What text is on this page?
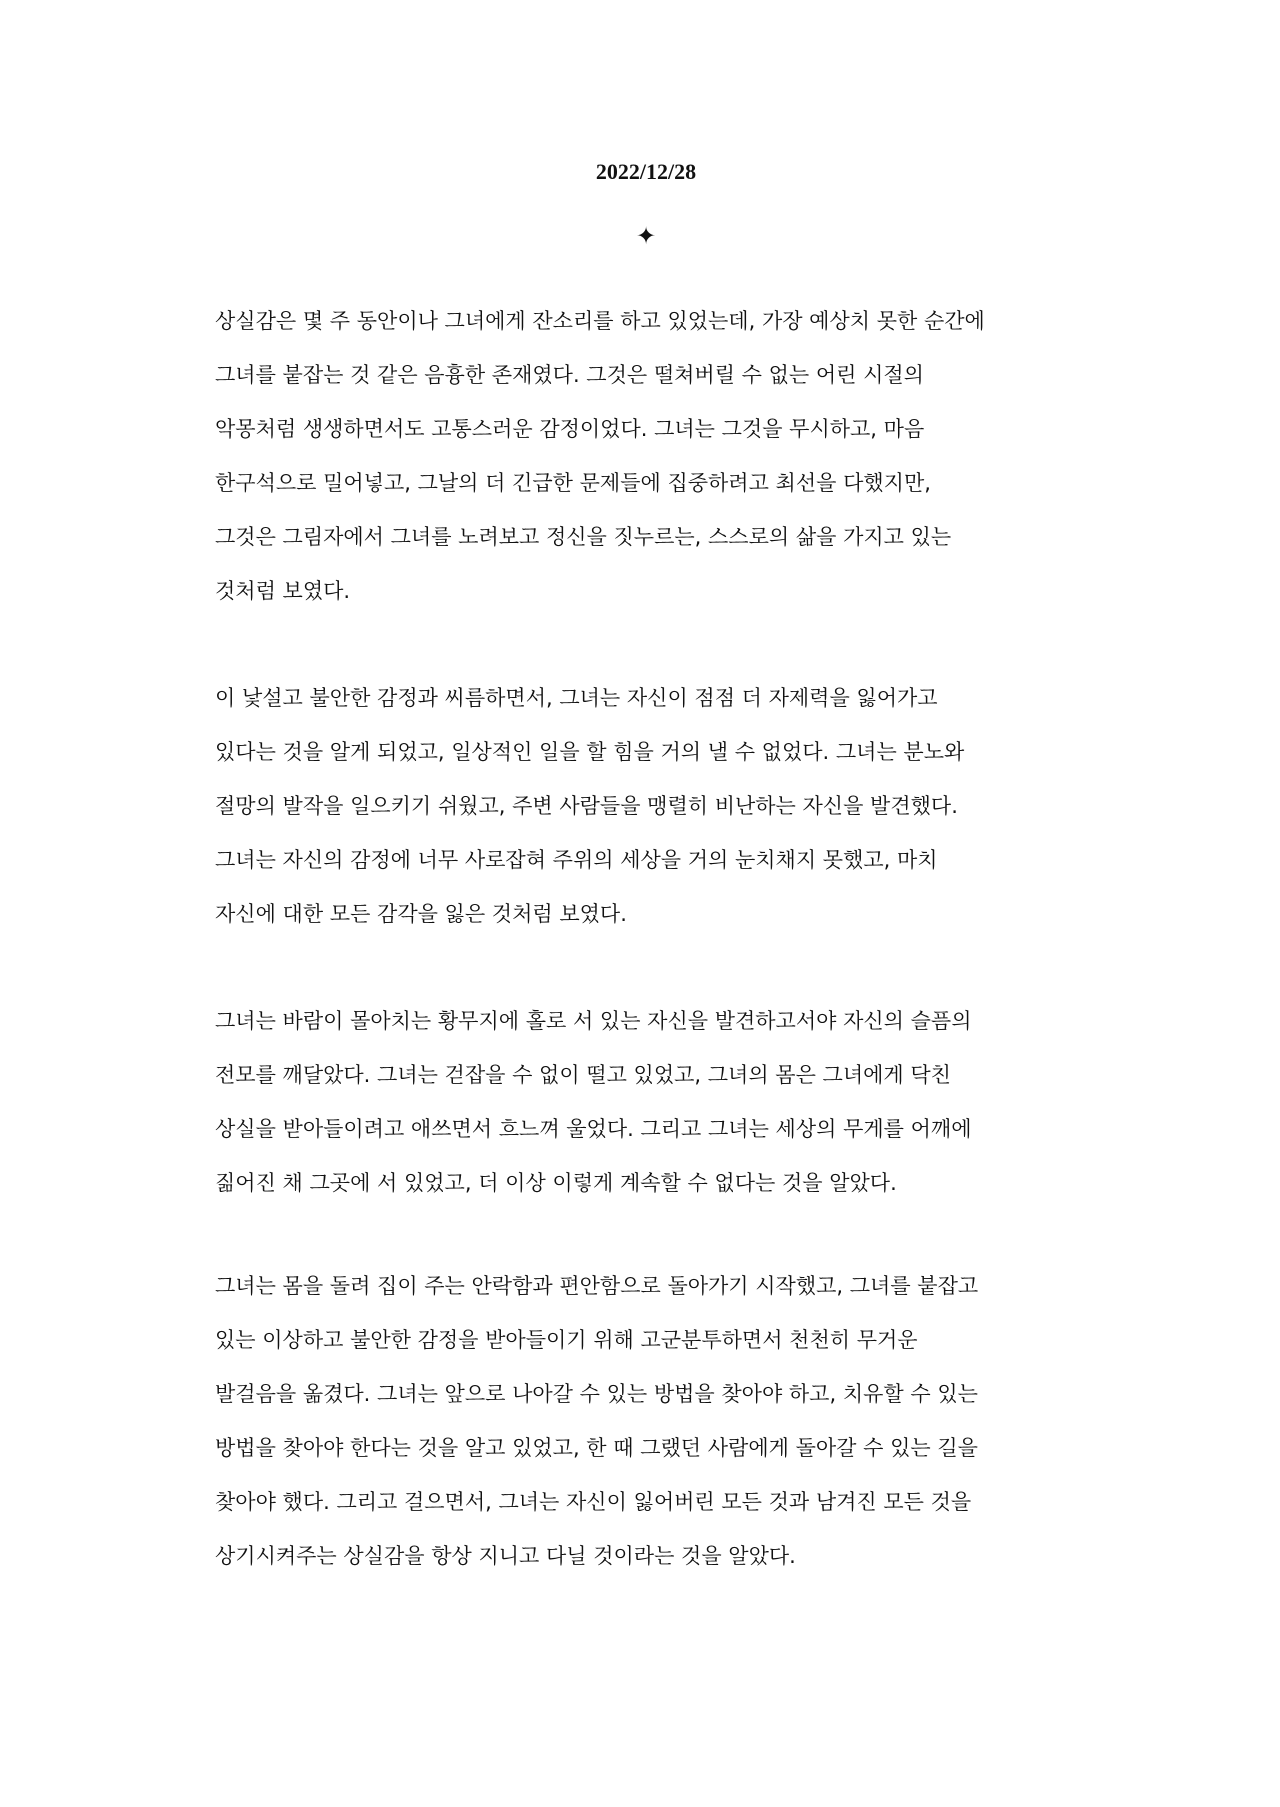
2022/12/28
✦

상실감은 몇 주 동안이나 그녀에게 잔소리를 하고 있었는데, 가장 예상치 못한 순간에
그녀를 붙잡는 것 같은 음흉한 존재였다. 그것은 떨쳐버릴 수 없는 어린 시절의
악몽처럼 생생하면서도 고통스러운 감정이었다. 그녀는 그것을 무시하고, 마음
한구석으로 밀어넣고, 그날의 더 긴급한 문제들에 집중하려고 최선을 다했지만,
그것은 그림자에서 그녀를 노려보고 정신을 짓누르는, 스스로의 삶을 가지고 있는
것처럼 보였다.

이 낯설고 불안한 감정과 씨름하면서, 그녀는 자신이 점점 더 자제력을 잃어가고
있다는 것을 알게 되었고, 일상적인 일을 할 힘을 거의 낼 수 없었다. 그녀는 분노와
절망의 발작을 일으키기 쉬웠고, 주변 사람들을 맹렬히 비난하는 자신을 발견했다.
그녀는 자신의 감정에 너무 사로잡혀 주위의 세상을 거의 눈치채지 못했고, 마치
자신에 대한 모든 감각을 잃은 것처럼 보였다.

그녀는 바람이 몰아치는 황무지에 홀로 서 있는 자신을 발견하고서야 자신의 슬픔의
전모를 깨달았다. 그녀는 걷잡을 수 없이 떨고 있었고, 그녀의 몸은 그녀에게 닥친
상실을 받아들이려고 애쓰면서 흐느껴 울었다. 그리고 그녀는 세상의 무게를 어깨에
짊어진 채 그곳에 서 있었고, 더 이상 이렇게 계속할 수 없다는 것을 알았다.

그녀는 몸을 돌려 집이 주는 안락함과 편안함으로 돌아가기 시작했고, 그녀를 붙잡고
있는 이상하고 불안한 감정을 받아들이기 위해 고군분투하면서 천천히 무거운
발걸음을 옮겼다. 그녀는 앞으로 나아갈 수 있는 방법을 찾아야 하고, 치유할 수 있는
방법을 찾아야 한다는 것을 알고 있었고, 한 때 그랬던 사람에게 돌아갈 수 있는 길을
찾아야 했다. 그리고 걸으면서, 그녀는 자신이 잃어버린 모든 것과 남겨진 모든 것을
상기시켜주는 상실감을 항상 지니고 다닐 것이라는 것을 알았다.
